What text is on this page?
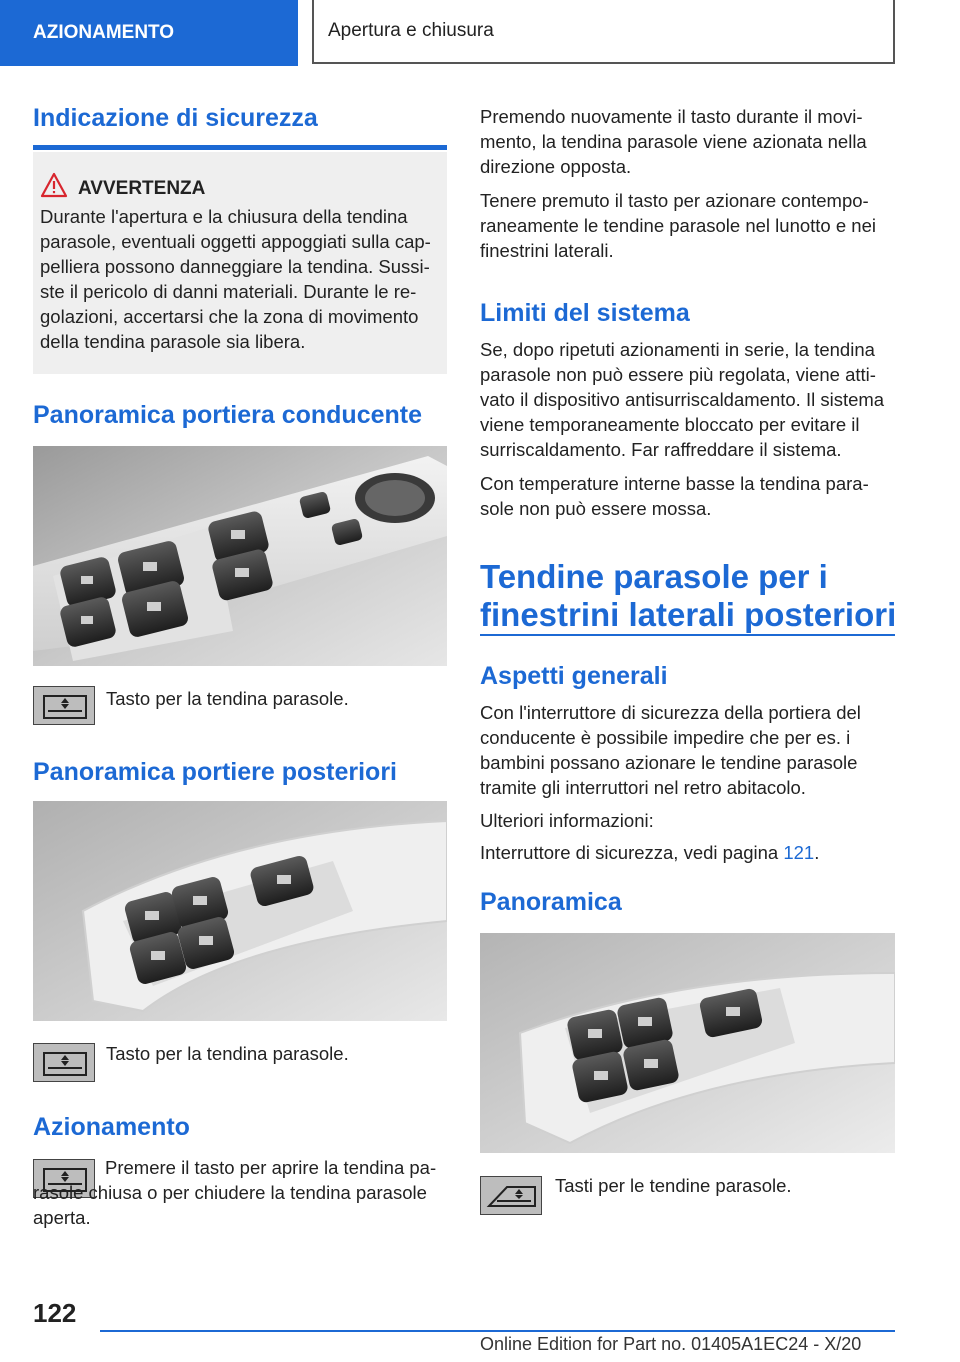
AZIONAMENTO	Apertura e chiusura
Indicazione di sicurezza
AVVERTENZA
Durante l'apertura e la chiusura della tendina parasole, eventuali oggetti appoggiati sulla cap-pelliera possono danneggiare la tendina. Sussi-ste il pericolo di danni materiali. Durante le re-golazioni, accertarsi che la zona di movimento della tendina parasole sia libera.
Panoramica portiera conducente
Tasto per la tendina parasole.
Panoramica portiere posteriori
Tasto per la tendina parasole.
Azionamento
Premere il tasto per aprire la tendina pa-rasole chiusa o per chiudere la tendina parasole aperta.
Premendo nuovamente il tasto durante il movi-mento, la tendina parasole viene azionata nella direzione opposta.
Tenere premuto il tasto per azionare contempo-raneamente le tendine parasole nel lunotto e nei finestrini laterali.
Limiti del sistema
Se, dopo ripetuti azionamenti in serie, la tendina parasole non può essere più regolata, viene atti-vato il dispositivo antisurriscaldamento. Il sistema viene temporaneamente bloccato per evitare il surriscaldamento. Far raffreddare il sistema.
Con temperature interne basse la tendina para-sole non può essere mossa.
Tendine parasole per i
finestrini laterali posteriori
Aspetti generali
Con l'interruttore di sicurezza della portiera del conducente è possibile impedire che per es. i bambini possano azionare le tendine parasole tramite gli interruttori nel retro abitacolo.
Ulteriori informazioni:
Interruttore di sicurezza, vedi pagina 121.
Panoramica
Tasti per le tendine parasole.
122
Online Edition for Part no. 01405A1EC24 - X/20
